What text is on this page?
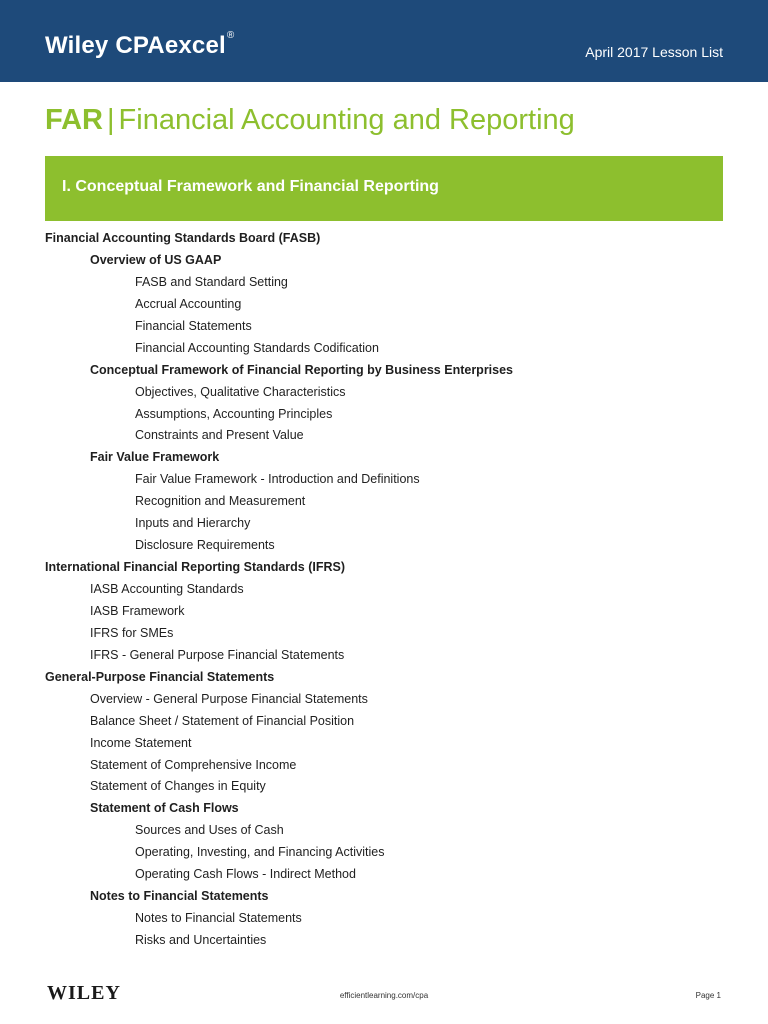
Wiley CPAexcel®
April 2017 Lesson List
FAR | Financial Accounting and Reporting
I. Conceptual Framework and Financial Reporting
Financial Accounting Standards Board (FASB)
Overview of US GAAP
FASB and Standard Setting
Accrual Accounting
Financial Statements
Financial Accounting Standards Codification
Conceptual Framework of Financial Reporting by Business Enterprises
Objectives, Qualitative Characteristics
Assumptions, Accounting Principles
Constraints and Present Value
Fair Value Framework
Fair Value Framework - Introduction and Definitions
Recognition and Measurement
Inputs and Hierarchy
Disclosure Requirements
International Financial Reporting Standards (IFRS)
IASB Accounting Standards
IASB Framework
IFRS for SMEs
IFRS - General Purpose Financial Statements
General-Purpose Financial Statements
Overview - General Purpose Financial Statements
Balance Sheet / Statement of Financial Position
Income Statement
Statement of Comprehensive Income
Statement of Changes in Equity
Statement of Cash Flows
Sources and Uses of Cash
Operating, Investing, and Financing Activities
Operating Cash Flows - Indirect Method
Notes to Financial Statements
Notes to Financial Statements
Risks and Uncertainties
WILEY	efficientlearning.com/cpa	Page 1
